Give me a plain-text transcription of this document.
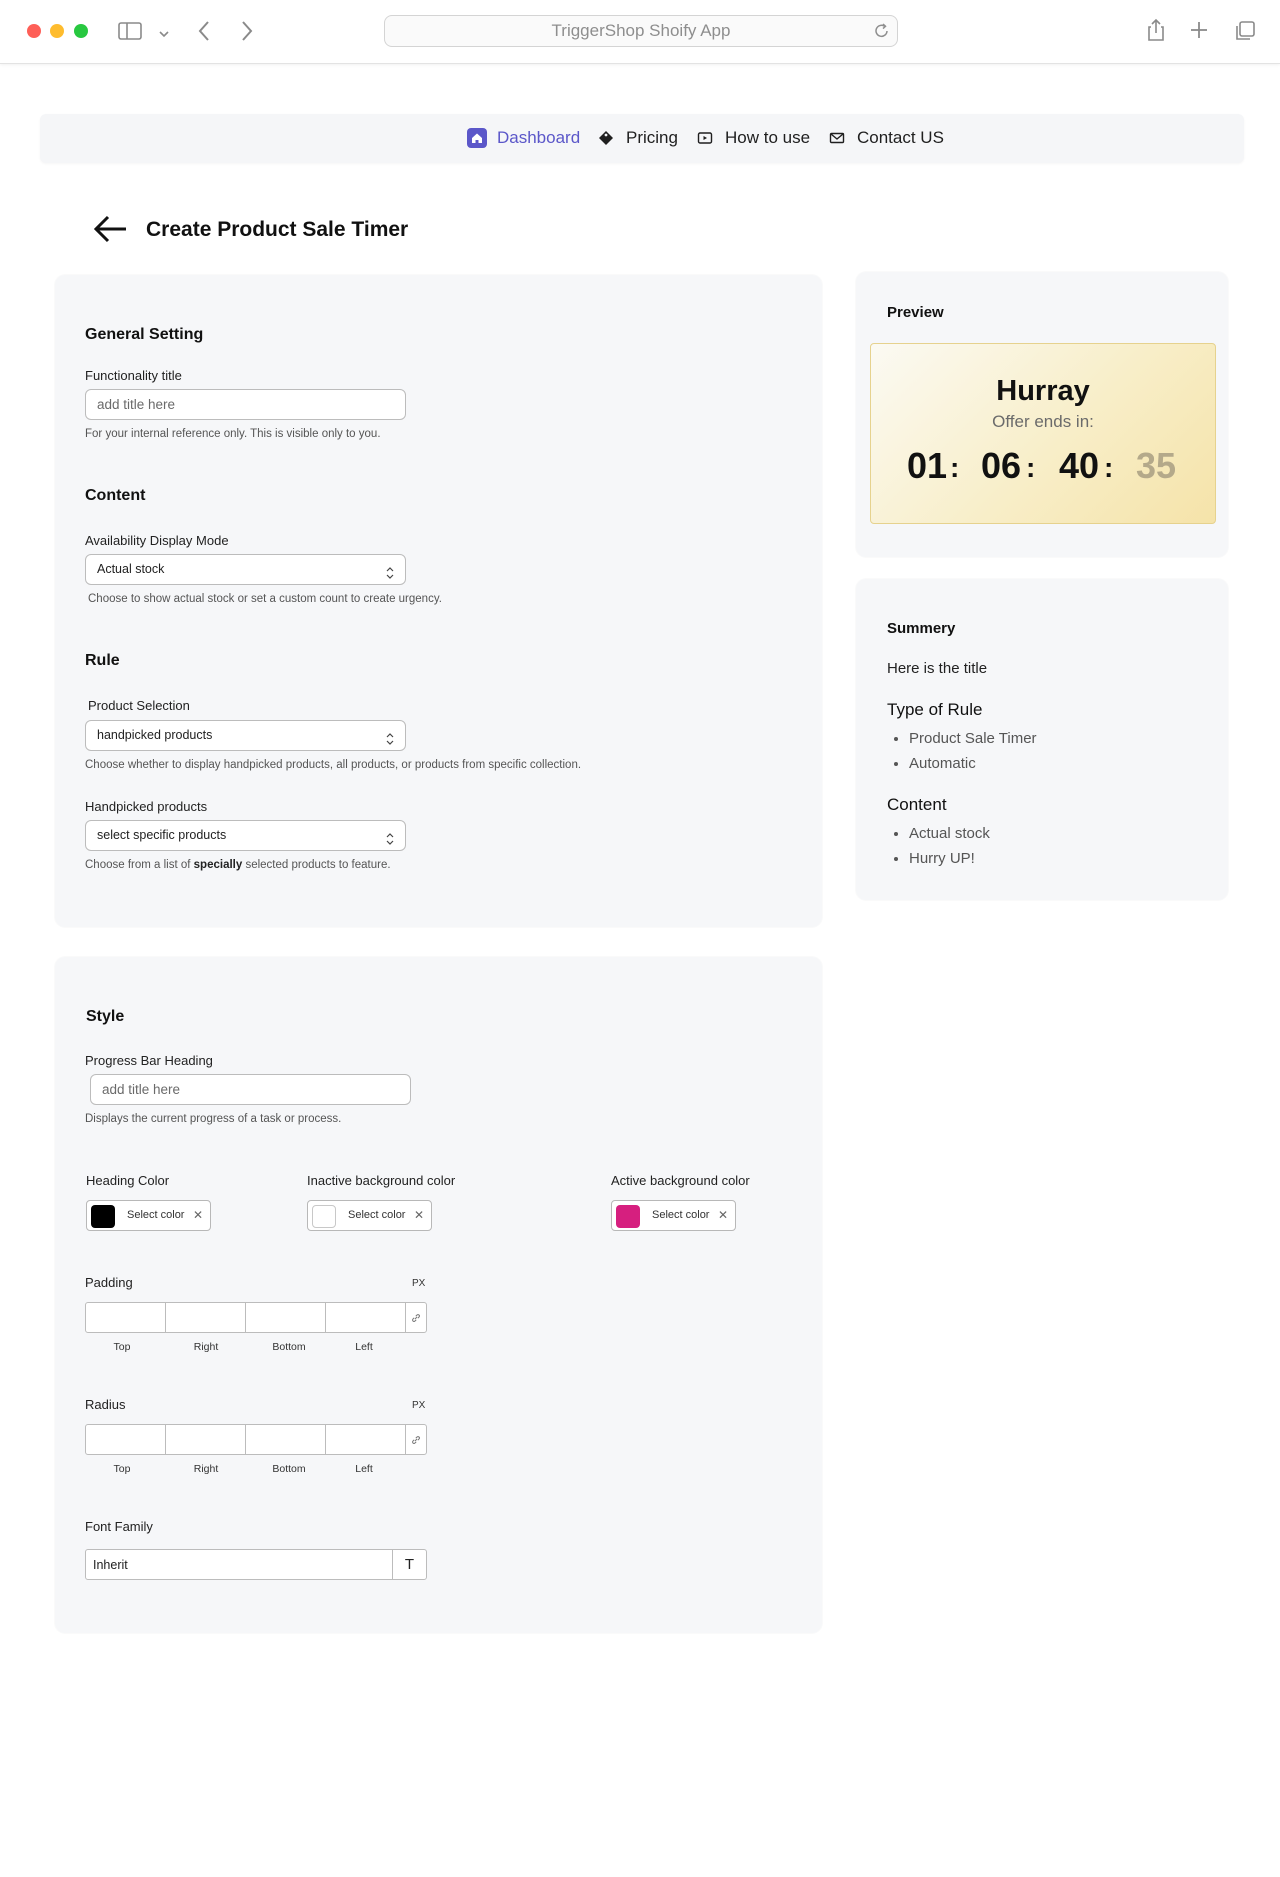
TriggerShop Shoify App
Dashboard	Pricing	How to use	Contact US
Create Product Sale Timer
General Setting
Functionality title
add title here
For your internal reference only. This is visible only to you.
Content
Availability Display Mode
Actual stock
Choose to show actual stock or set a custom count to create urgency.
Rule
Product Selection
handpicked products
Choose whether to display handpicked products, all products, or products from specific collection.
Handpicked products
select specific products
Choose from a list of specially selected products to feature.
Style
Progress Bar Heading
add title here
Displays the current progress of a task or process.
Heading Color
Select color ✕
Inactive background color
Select color ✕
Active background color
Select color ✕
Padding	PX
Top	Right	Bottom	Left
Radius	PX
Top	Right	Bottom	Left
Font Family
Inherit	T
Preview
Hurray
Offer ends in:
01 : 06 : 40 : 35
Summery
Here is the title
Type of Rule
• Product Sale Timer
• Automatic
Content
• Actual stock
• Hurry UP!
